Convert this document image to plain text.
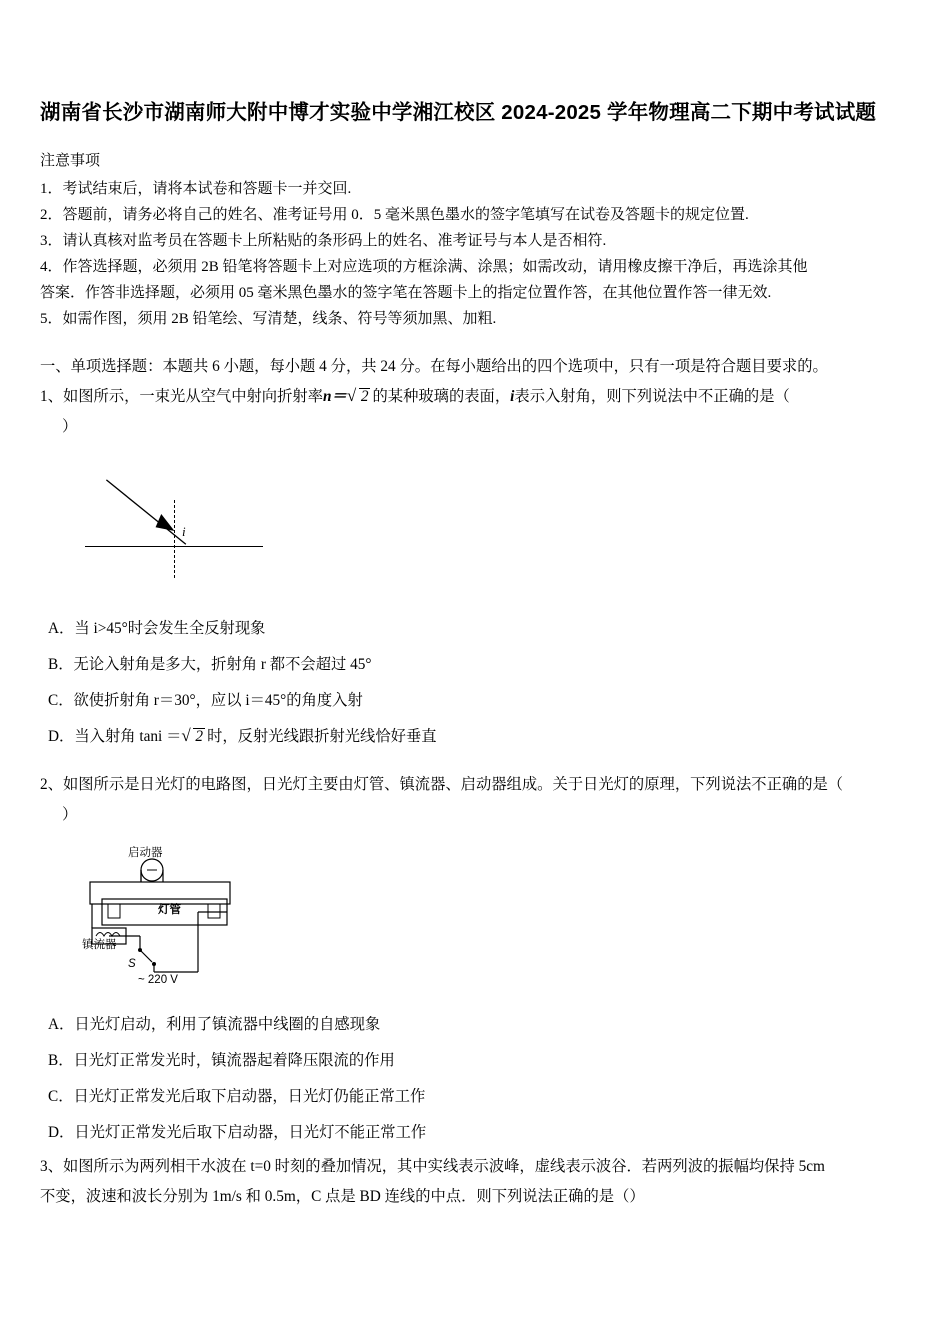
湖南省长沙市湖南师大附中博才实验中学湘江校区 2024-2025 学年物理高二下期中考试试题
注意事项

1．考试结束后，请将本试卷和答题卡一并交回.

2．答题前，请务必将自己的姓名、准考证号用 0．5 毫米黑色墨水的签字笔填写在试卷及答题卡的规定位置.

3．请认真核对监考员在答题卡上所粘贴的条形码上的姓名、准考证号与本人是否相符.

4．作答选择题，必须用 2B 铅笔将答题卡上对应选项的方框涂满、涂黑；如需改动，请用橡皮擦干净后，再选涂其他

答案．作答非选择题，必须用 05 毫米黑色墨水的签字笔在答题卡上的指定位置作答，在其他位置作答一律无效.

5．如需作图，须用 2B 铅笔绘、写清楚，线条、符号等须加黑、加粗.

一、单项选择题：本题共 6 小题，每小题 4 分，共 24 分。在每小题给出的四个选项中，只有一项是符合题目要求的。

1、如图所示，一束光从空气中射向折射率n＝ √ 2 的某种玻璃的表面，i表示入射角，则下列说法中不正确的是（

）

i

A．当 i>45°时会发生全反射现象

B．无论入射角是多大，折射角 r 都不会超过 45°

C．欲使折射角 r＝30°，应以 i＝45°的角度入射

D．当入射角 tani ＝ √ 2 时，反射光线跟折射光线恰好垂直

2、如图所示是日光灯的电路图，日光灯主要由灯管、镇流器、启动器组成。关于日光灯的原理，下列说法不正确的是（

）

启动器
灯管
镇流器
S
~ 220 V

A．日光灯启动，利用了镇流器中线圈的自感现象

B．日光灯正常发光时，镇流器起着降压限流的作用

C．日光灯正常发光后取下启动器，日光灯仍能正常工作

D．日光灯正常发光后取下启动器，日光灯不能正常工作

3、如图所示为两列相干水波在 t=0 时刻的叠加情况，其中实线表示波峰，虚线表示波谷．若两列波的振幅均保持 5cm

不变，波速和波长分别为 1m/s 和 0.5m，C 点是 BD 连线的中点．则下列说法正确的是（）
